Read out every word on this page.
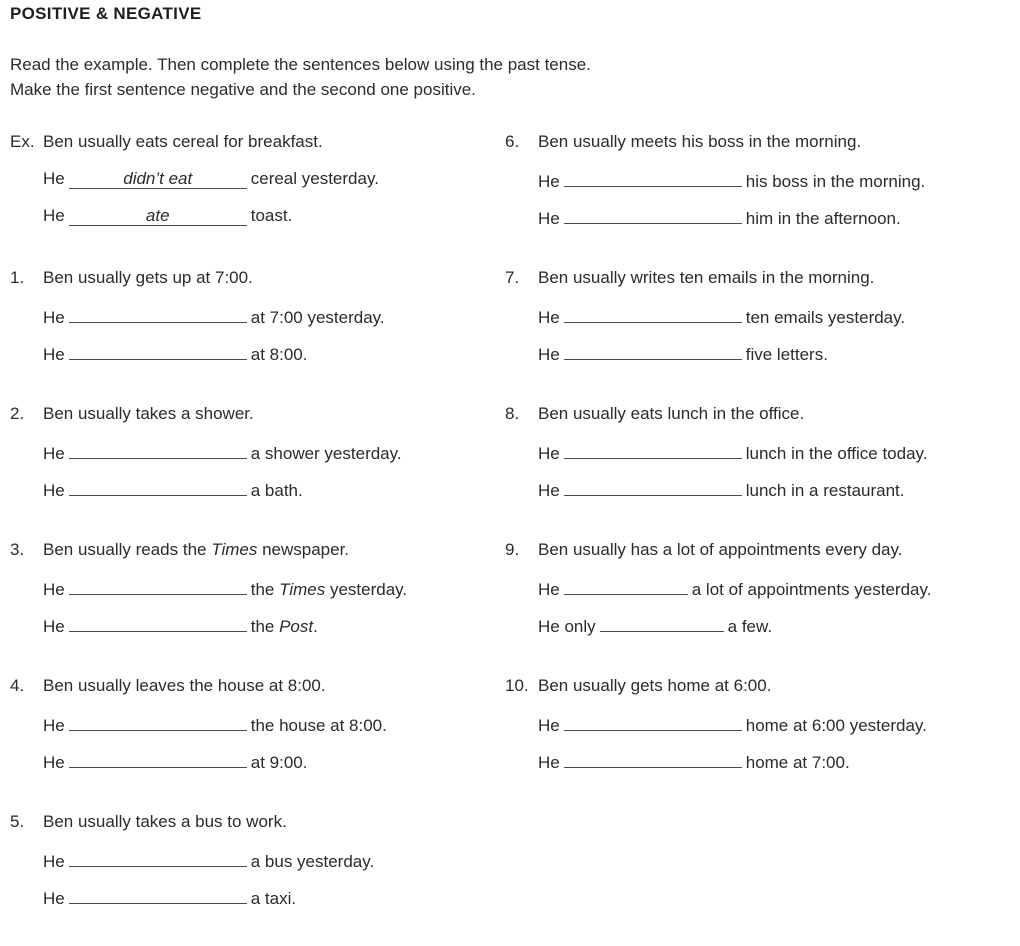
POSITIVE & NEGATIVE
Read the example. Then complete the sentences below using the past tense. Make the first sentence negative and the second one positive.
Ex. Ben usually eats cereal for breakfast.
He	didn’t eat	cereal yesterday.
He	ate	toast.
1. Ben usually gets up at 7:00.
He	at 7:00 yesterday.
He	at 8:00.
2. Ben usually takes a shower.
He	a shower yesterday.
He	a bath.
3. Ben usually reads the Times newspaper.
He	the Times yesterday.
He	the Post.
4. Ben usually leaves the house at 8:00.
He	the house at 8:00.
He	at 9:00.
5. Ben usually takes a bus to work.
He	a bus yesterday.
He	a taxi.
6. Ben usually meets his boss in the morning.
He	his boss in the morning.
He	him in the afternoon.
7. Ben usually writes ten emails in the morning.
He	ten emails yesterday.
He	five letters.
8. Ben usually eats lunch in the office.
He	lunch in the office today.
He	lunch in a restaurant.
9. Ben usually has a lot of appointments every day.
He	a lot of appointments yesterday.
He only	a few.
10. Ben usually gets home at 6:00.
He	home at 6:00 yesterday.
He	home at 7:00.
